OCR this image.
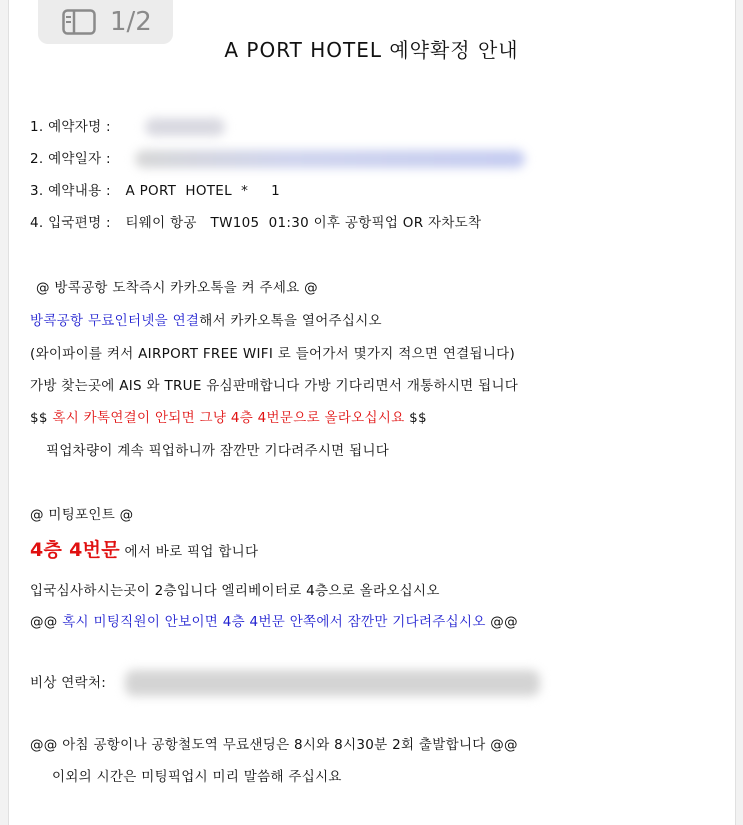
1/2
A PORT HOTEL 예약확정 안내
1. 예약자명 :
2. 예약일자 :
3. 예약내용 : A PORT  HOTEL  *     1
4. 입국편명 : 티웨이 항공   TW105  01:30 이후 공항픽업 OR 자차도착
@ 방콕공항 도착즉시 카카오톡을 켜 주세요 @
방콕공항 무료인터넷을 연결해서 카카오톡을 열어주십시오
(와이파이를 켜서 AIRPORT FREE WIFI 로 들어가서 몇가지 적으면 연결됩니다)
가방 찾는곳에 AIS 와 TRUE 유심판매합니다 가방 기다리면서 개통하시면 됩니다
$$ 혹시 카톡연결이 안되면 그냥 4층 4번문으로 올라오십시요 $$
픽업차량이 계속 픽업하니까 잠깐만 기다려주시면 됩니다
@ 미팅포인트 @
4층 4번문 에서 바로 픽업 합니다
입국심사하시는곳이 2층입니다 엘리베이터로 4층으로 올라오십시오
@@ 혹시 미팅직원이 안보이면 4층 4번문 안쪽에서 잠깐만 기다려주십시오 @@
비상 연락처:
@@ 아침 공항이나 공항철도역 무료샌딩은 8시와 8시30분 2회 출발합니다 @@
이외의 시간은 미팅픽업시 미리 말씀해 주십시요
